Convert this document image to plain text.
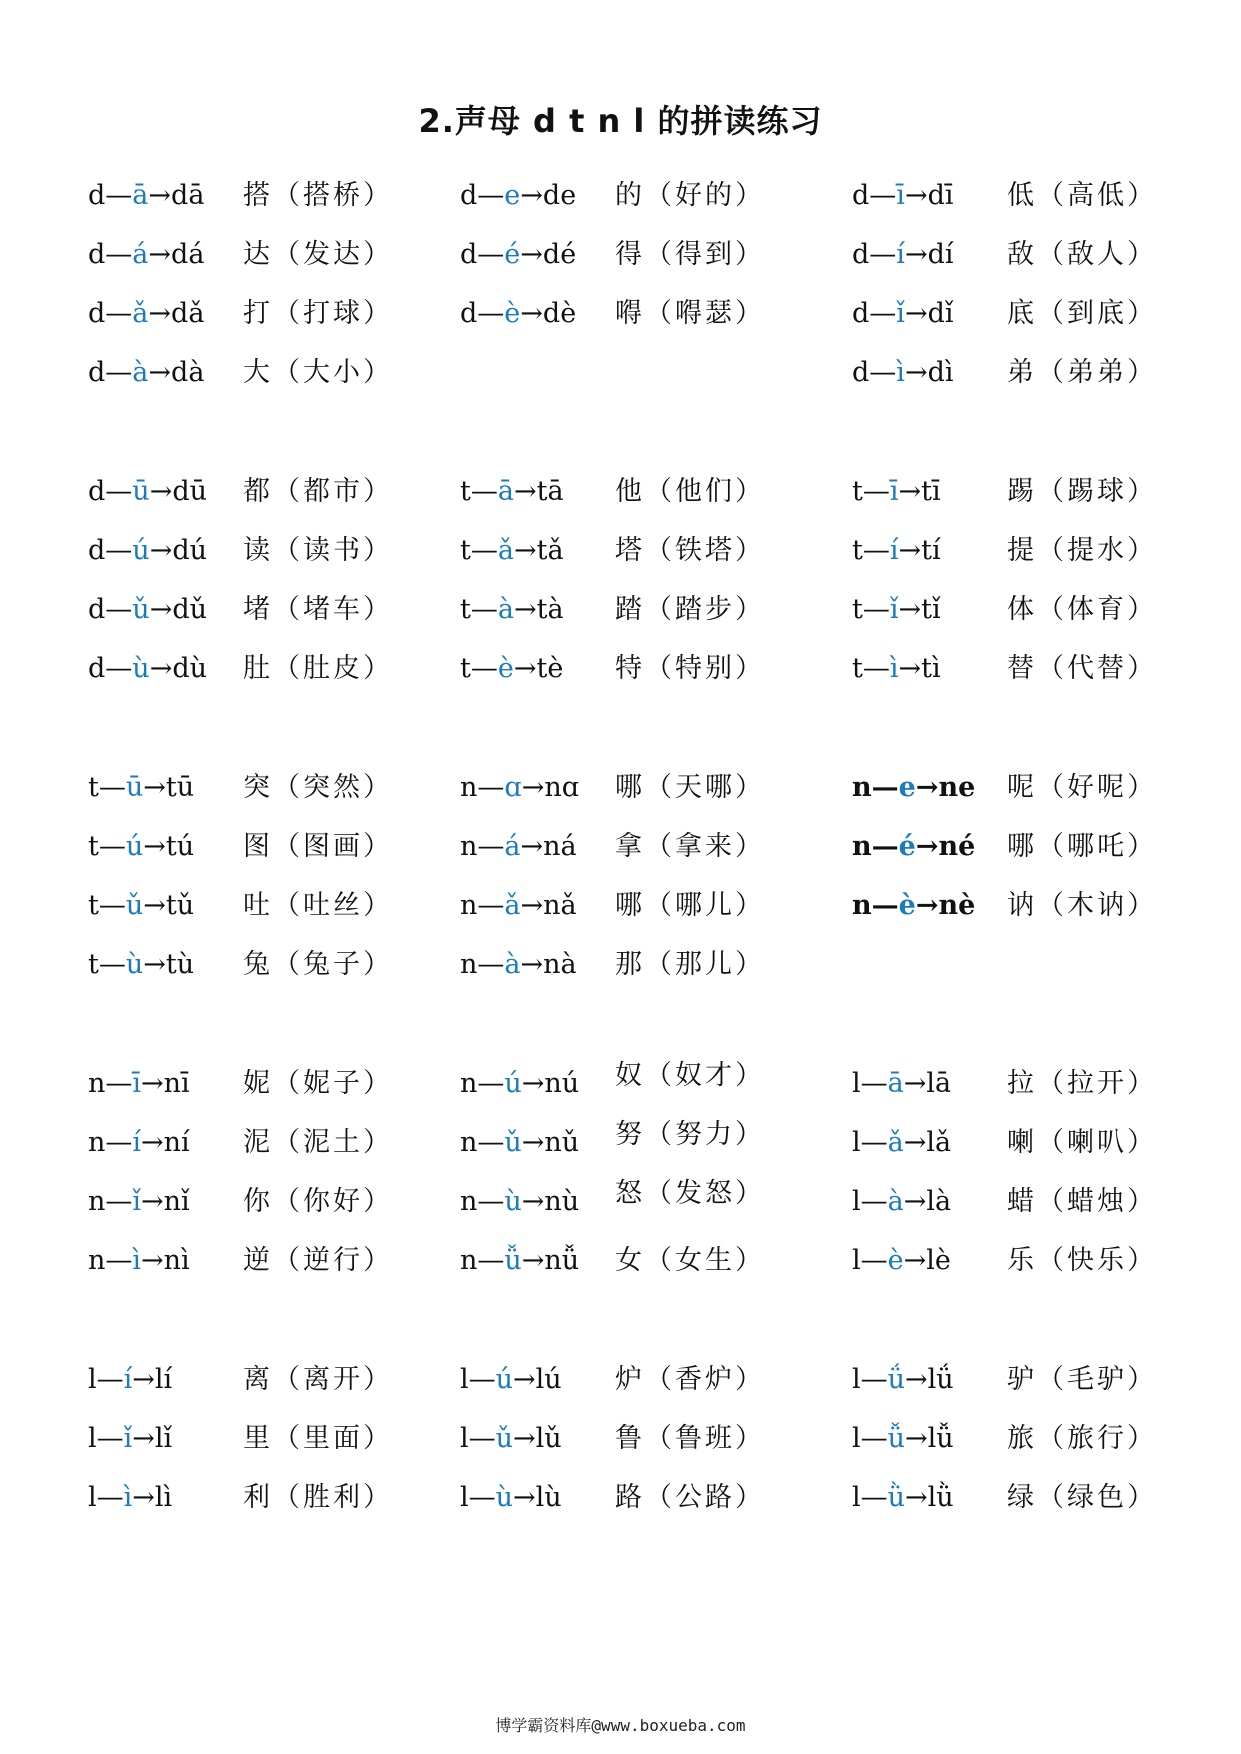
2.声母 d t n l 的拼读练习
d—ā→dā 搭（搭桥）
d—á→dá 达（发达）
d—ǎ→dǎ 打（打球）
d—à→dà 大（大小）
d—e→de 的（好的）
d—é→dé 得（得到）
d—è→dè 嘚（嘚瑟）
d—ī→dī 低（高低）
d—í→dí 敌（敌人）
d—ǐ→dǐ 底（到底）
d—ì→dì 弟（弟弟）
d—ū→dū 都（都市）
d—ú→dú 读（读书）
d—ǔ→dǔ 堵（堵车）
d—ù→dù 肚（肚皮）
t—ā→tā 他（他们）
t—ǎ→tǎ 塔（铁塔）
t—à→tà 踏（踏步）
t—è→tè 特（特别）
t—ī→tī 踢（踢球）
t—í→tí 提（提水）
t—ǐ→tǐ 体（体育）
t—ì→tì 替（代替）
t—ū→tū 突（突然）
t—ú→tú 图（图画）
t—ǔ→tǔ 吐（吐丝）
t—ù→tù 兔（兔子）
n—ɑ→nɑ 哪（天哪）
n—á→ná 拿（拿来）
n—ǎ→nǎ 哪（哪儿）
n—à→nà 那（那儿）
n—e→ne 呢（好呢）
n—é→né 哪（哪吒）
n—è→nè 讷（木讷）
n—ī→nī 妮（妮子）
n—í→ní 泥（泥土）
n—ǐ→nǐ 你（你好）
n—ì→nì 逆（逆行）
n—ú→nú 奴（奴才）
n—ǔ→nǔ 努（努力）
n—ù→nù 怒（发怒）
n—ǚ→nǚ 女（女生）
l—ā→lā 拉（拉开）
l—ǎ→lǎ 喇（喇叭）
l—à→là 蜡（蜡烛）
l—è→lè 乐（快乐）
l—í→lí	离（离开）
l—ǐ→lǐ	里（里面）
l—ì→lì	利（胜利）
l—ú→lú 炉（香炉）
l—ǔ→lǔ 鲁（鲁班）
l—ù→lù 路（公路）
l—ǘ→lǘ 驴（毛驴）
l—ǚ→lǚ 旅（旅行）
l—ǜ→lǜ 绿（绿色）
博学霸资料库@www.boxueba.com
